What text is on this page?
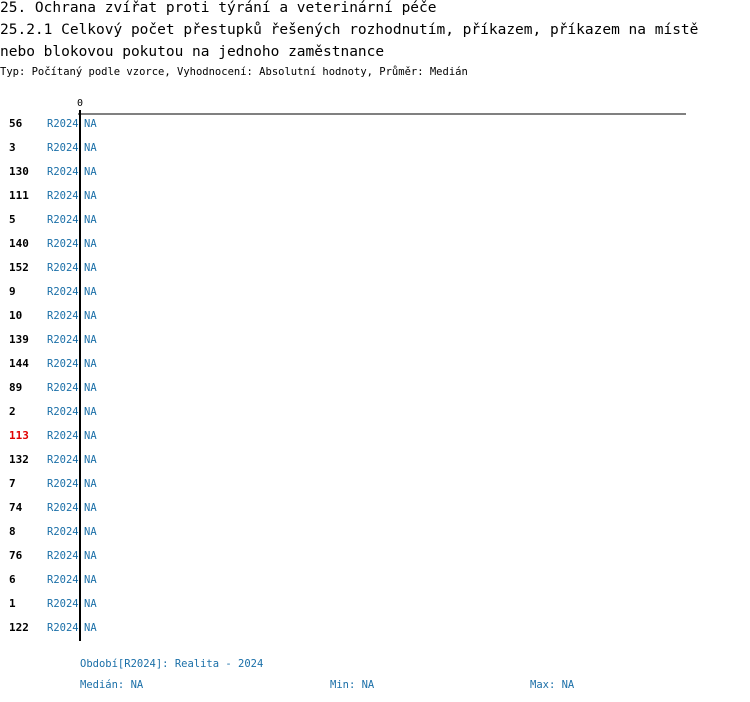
25. Ochrana zvířat proti týrání a veterinární péče
25.2.1 Celkový počet přestupků řešených rozhodnutím, příkazem, příkazem na místě
nebo blokovou pokutou na jednoho zaměstnance
Typ: Počítaný podle vzorce, Vyhodnocení: Absolutní hodnoty, Průměr: Medián
0
56 R2024 NA
3	R2024 NA
130 R2024 NA
111 R2024 NA
5	R2024 NA
140 R2024 NA
152 R2024 NA
9	R2024 NA
10 R2024 NA
139 R2024 NA
144 R2024 NA
89 R2024 NA
2	R2024 NA
113 R2024 NA
132 R2024 NA
7	R2024 NA
74 R2024 NA
8	R2024 NA
76 R2024 NA
6	R2024 NA
1	R2024 NA
122 R2024 NA
Období[R2024]: Realita - 2024
Medián: NA	Min: NA	Max: NA
